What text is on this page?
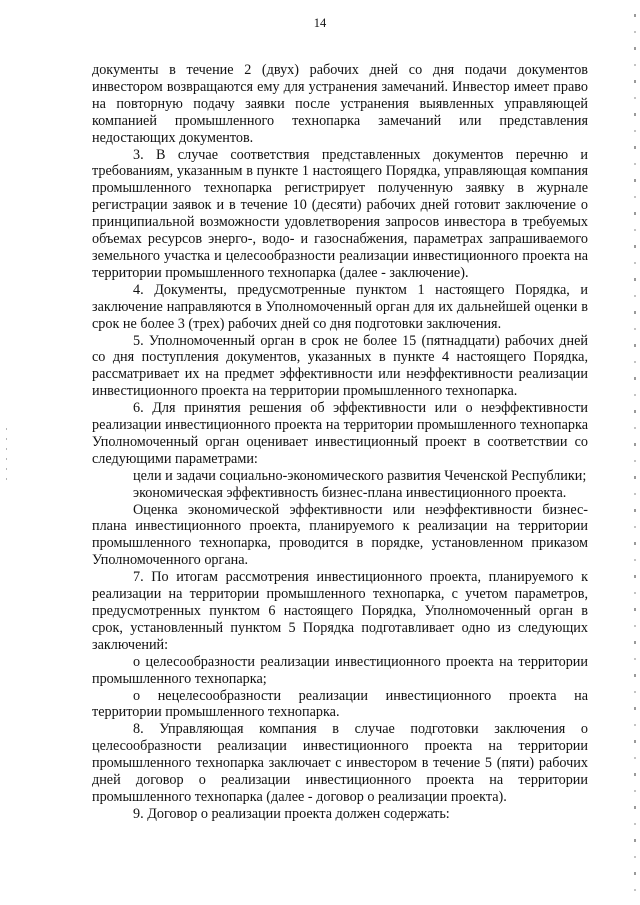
14

документы в течение 2 (двух) рабочих дней со дня подачи документов инвестором возвращаются ему для устранения замечаний. Инвестор имеет право на повторную подачу заявки после устранения выявленных управляющей компанией промышленного технопарка замечаний или представления недостающих документов.

3. В случае соответствия представленных документов перечню и требованиям, указанным в пункте 1 настоящего Порядка, управляющая компания промышленного технопарка регистрирует полученную заявку в журнале регистрации заявок и в течение 10 (десяти) рабочих дней готовит заключение о принципиальной возможности удовлетворения запросов инвестора в требуемых объемах ресурсов энерго-, водо- и газоснабжения, параметрах запрашиваемого земельного участка и целесообразности реализации инвестиционного проекта на территории промышленного технопарка (далее - заключение).

4. Документы, предусмотренные пунктом 1 настоящего Порядка, и заключение направляются в Уполномоченный орган для их дальнейшей оценки в срок не более 3 (трех) рабочих дней со дня подготовки заключения.

5. Уполномоченный орган в срок не более 15 (пятнадцати) рабочих дней со дня поступления документов, указанных в пункте 4 настоящего Порядка, рассматривает их на предмет эффективности или неэффективности реализации инвестиционного проекта на территории промышленного технопарка.

6. Для принятия решения об эффективности или о неэффективности реализации инвестиционного проекта на территории промышленного технопарка Уполномоченный орган оценивает инвестиционный проект в соответствии со следующими параметрами:

цели и задачи социально-экономического развития Чеченской Республики;

экономическая эффективность бизнес-плана инвестиционного проекта.

Оценка экономической эффективности или неэффективности бизнес-плана инвестиционного проекта, планируемого к реализации на территории промышленного технопарка, проводится в порядке, установленном приказом Уполномоченного органа.

7. По итогам рассмотрения инвестиционного проекта, планируемого к реализации на территории промышленного технопарка, с учетом параметров, предусмотренных пунктом 6 настоящего Порядка, Уполномоченный орган в срок, установленный пунктом 5 Порядка подготавливает одно из следующих заключений:

о целесообразности реализации инвестиционного проекта на территории промышленного технопарка;

о нецелесообразности реализации инвестиционного проекта на территории промышленного технопарка.

8. Управляющая компания в случае подготовки заключения о целесообразности реализации инвестиционного проекта на территории промышленного технопарка заключает с инвестором в течение 5 (пяти) рабочих дней договор о реализации инвестиционного проекта на территории промышленного технопарка (далее - договор о реализации проекта).

9. Договор о реализации проекта должен содержать:
